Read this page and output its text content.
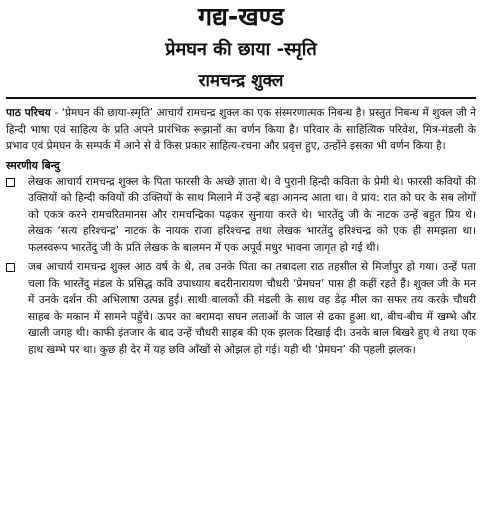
गद्य-खण्ड
प्रेमघन की छाया -स्मृति
रामचन्द्र शुक्ल

पाठ परिचय - ‘प्रेमघन की छाया-स्मृति’ आचार्य रामचन्द्र शुक्ल का एक संस्मरणात्मक निबन्ध है। प्रस्तुत निबन्ध में शुक्ल जी ने हिन्दी भाषा एवं साहित्य के प्रति अपने प्रारंभिक रूझानों का वर्णन किया है। परिवार के साहित्यिक परिवेश, मित्र-मंडली के प्रभाव एवं प्रेमघन के सम्पर्क में आने से वे किस प्रकार साहित्य-रचना और प्रवृत्त हुए, उन्होंने इसका भी वर्णन किया है।

स्मरणीय बिन्दु

लेखक आचार्य रामचन्द्र शुक्ल के पिता फारसी के अच्छे ज्ञाता थे। वे पुरानी हिन्दी कविता के प्रेमी थे। फारसी कवियों की उक्तियों को हिन्दी कवियों की उक्तियों के साथ मिलाने में उन्हें बड़ा आनन्द आता था। वे प्राय: रात को घर के सब लोगों को एकत्र करने रामचरितमानस और रामचन्द्रिका पढ़कर सुनाया करते थे। भारतेंदु जी के नाटक उन्हें बहुत प्रिय थे। लेखक ‘सत्य हरिश्चन्द्र’ नाटक के नायक राजा हरिश्चन्द्र तथा लेखक भारतेंदु हरिश्चन्द्र को एक ही समझता था। फलस्वरूप भारतेंदु जी के प्रति लेखक के बालमन में एक अपूर्व मधुर भावना जागृत हो गई थी।

जब आचार्य रामचन्द्र शुक्ल आठ वर्ष के थे, तब उनके पिता का तबादला राठ तहसील से मिर्जापुर हो गया। उन्हें पता चला कि भारतेंदु मंडल के प्रसिद्ध कवि उपाध्याय बदरीनारायण चौधरी ‘प्रेमघन’ पास ही कहीं रहते हैं। शुक्ल जी के मन में उनके दर्शन की अभिलाषा उत्पन्न हुई। साथी बालकों की मंडली के साथ वह डेढ़ मील का सफर तय करके चौधरी साहब के मकान में सामने पहुँचे। ऊपर का बरामदा सघन लताओं के जाल से ढका हुआ था, बीच-बीच में खम्भे और खाली जगह थी। काफी इंतजार के बाद उन्हें चौधरी साहब की एक झलक दिखाई दी। उनके बाल बिखरे हुए थे तथा एक हाथ खम्भे पर था। कुछ ही देर में यह छवि आँखों से ओझल हो गई। यही थी ‘प्रेमघन’ की पहली झलक।
